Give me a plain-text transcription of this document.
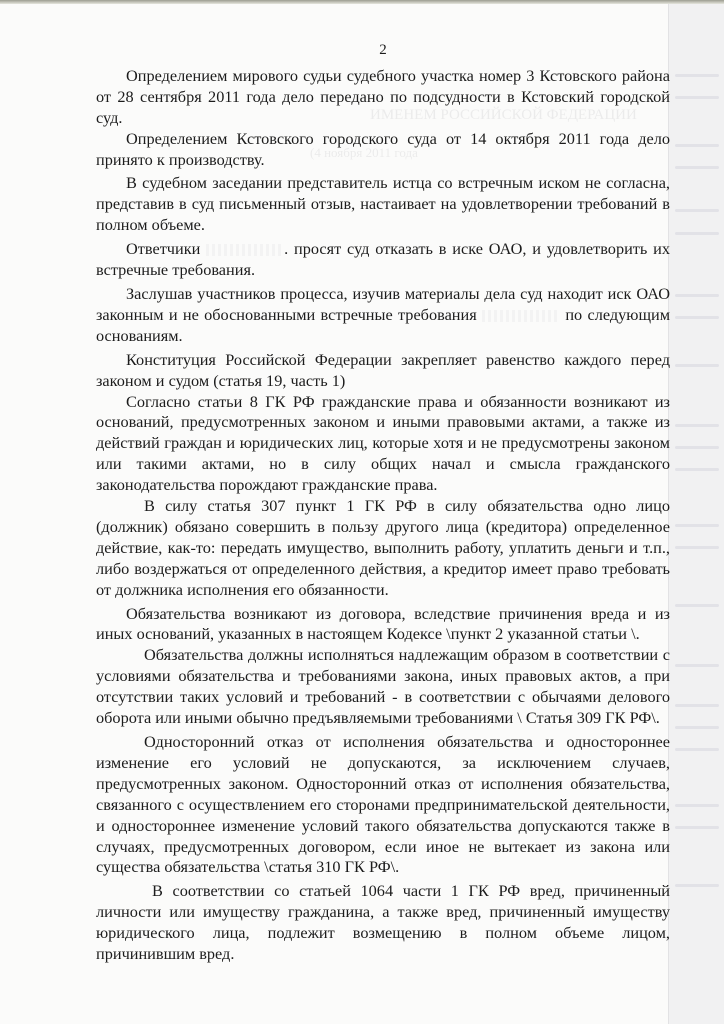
ИМЕНЕМ РОССИЙСКОЙ ФЕДЕРАЦИИ
(4 ноября 2011 года
2

Определением мирового судьи судебного участка номер 3 Кстовского района от 28 сентября 2011 года дело передано по подсудности в Кстовский городской суд.

Определением Кстовского городского суда от 14 октября 2011 года дело принято к производству.

В судебном заседании представитель истца со встречным иском не согласна, представив в суд письменный отзыв, настаивает на удовлетворении требований в полном объеме.

Ответчики	. просят суд отказать в иске ОАО, и удовлетворить их встречные требования.

Заслушав участников процесса, изучив материалы дела суд находит иск ОАО законным и не обоснованными встречные требования	по следующим основаниям.

Конституция Российской Федерации закрепляет равенство каждого перед законом и судом (статья 19, часть 1)

Согласно статьи 8 ГК РФ гражданские права и обязанности возникают из оснований, предусмотренных законом и иными правовыми актами, а также из действий граждан и юридических лиц, которые хотя и не предусмотрены законом или такими актами, но в силу общих начал и смысла гражданского законодательства порождают гражданские права.

В силу статья 307 пункт 1 ГК РФ в силу обязательства одно лицо (должник) обязано совершить в пользу другого лица (кредитора) определенное действие, как-то: передать имущество, выполнить работу, уплатить деньги и т.п., либо воздержаться от определенного действия, а кредитор имеет право требовать от должника исполнения его обязанности.

Обязательства возникают из договора, вследствие причинения вреда и из иных оснований, указанных в настоящем Кодексе \пункт 2 указанной статьи \.

Обязательства должны исполняться надлежащим образом в соответствии с условиями обязательства и требованиями закона, иных правовых актов, а при отсутствии таких условий и требований - в соответствии с обычаями делового оборота или иными обычно предъявляемыми требованиями \ Статья 309 ГК РФ\.

Односторонний отказ от исполнения обязательства и одностороннее изменение его условий не допускаются, за исключением случаев, предусмотренных законом. Односторонний отказ от исполнения обязательства, связанного с осуществлением его сторонами предпринимательской деятельности, и одностороннее изменение условий такого обязательства допускаются также в случаях, предусмотренных договором, если иное не вытекает из закона или существа обязательства \статья 310 ГК РФ\.

В соответствии со статьей 1064 части 1 ГК РФ вред, причиненный личности или имуществу гражданина, а также вред, причиненный имуществу юридического лица, подлежит возмещению в полном объеме лицом, причинившим вред.
